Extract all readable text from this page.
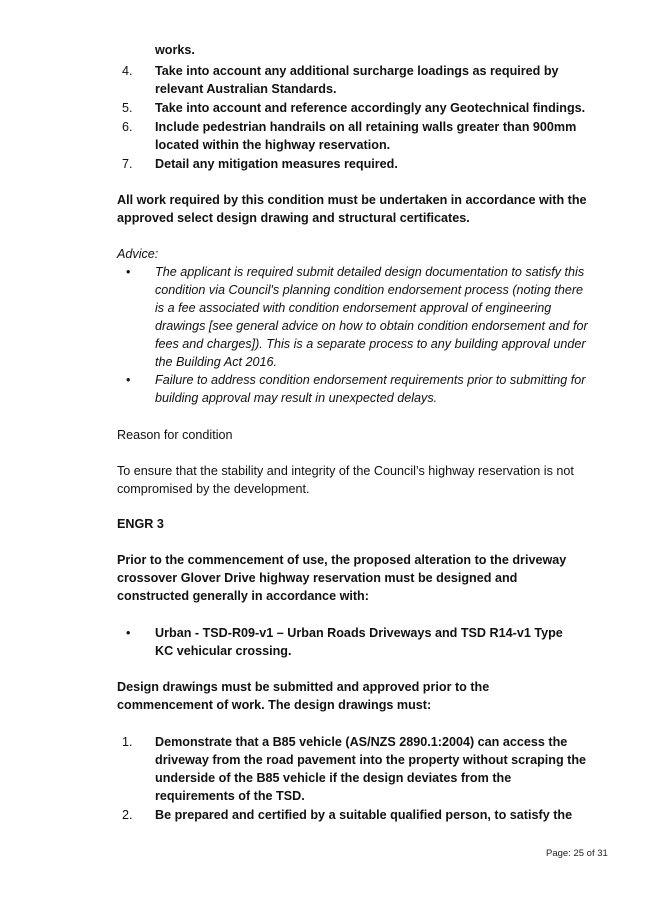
works.
4. Take into account any additional surcharge loadings as required by
relevant Australian Standards.
5. Take into account and reference accordingly any Geotechnical findings.
6. Include pedestrian handrails on all retaining walls greater than 900mm
located within the highway reservation.
7. Detail any mitigation measures required.
All work required by this condition must be undertaken in accordance with the
approved select design drawing and structural certificates.
Advice:
• The applicant is required submit detailed design documentation to satisfy this
condition via Council's planning condition endorsement process (noting there
is a fee associated with condition endorsement approval of engineering
drawings [see general advice on how to obtain condition endorsement and for
fees and charges]). This is a separate process to any building approval under
the Building Act 2016.
• Failure to address condition endorsement requirements prior to submitting for
building approval may result in unexpected delays.
Reason for condition
To ensure that the stability and integrity of the Council’s highway reservation is not
compromised by the development.
ENGR 3
Prior to the commencement of use, the proposed alteration to the driveway
crossover Glover Drive highway reservation must be designed and
constructed generally in accordance with:
• Urban - TSD-R09-v1 – Urban Roads Driveways and TSD R14-v1 Type
KC vehicular crossing.
Design drawings must be submitted and approved prior to the
commencement of work. The design drawings must:
1. Demonstrate that a B85 vehicle (AS/NZS 2890.1:2004) can access the
driveway from the road pavement into the property without scraping the
underside of the B85 vehicle if the design deviates from the
requirements of the TSD.
2. Be prepared and certified by a suitable qualified person, to satisfy the
Page: 25 of 31
